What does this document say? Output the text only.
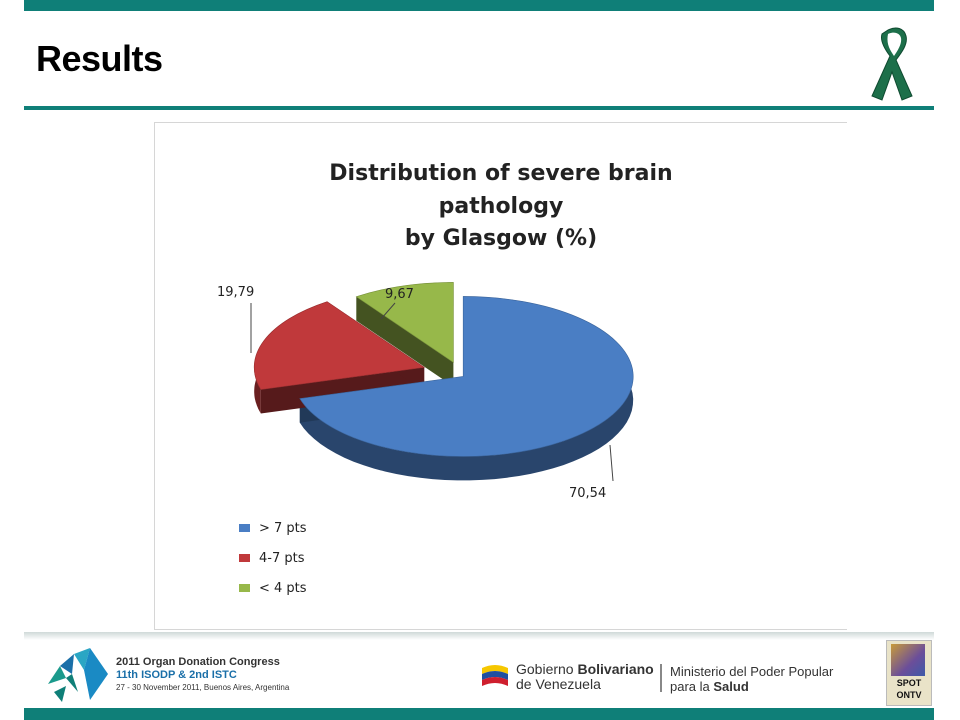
Results
Distribution of severe brain
pathology
by Glasgow (%)
70,54
19,79	9,67
> 7 pts
4-7 pts
< 4 pts
2011 Organ Donation Congress
11th ISODP & 2nd ISTC
27 - 30 November 2011, Buenos Aires, Argentina
Gobierno Bolivariano
de Venezuela
Ministerio del Poder Popular
para la Salud	SPOT
ONTV
